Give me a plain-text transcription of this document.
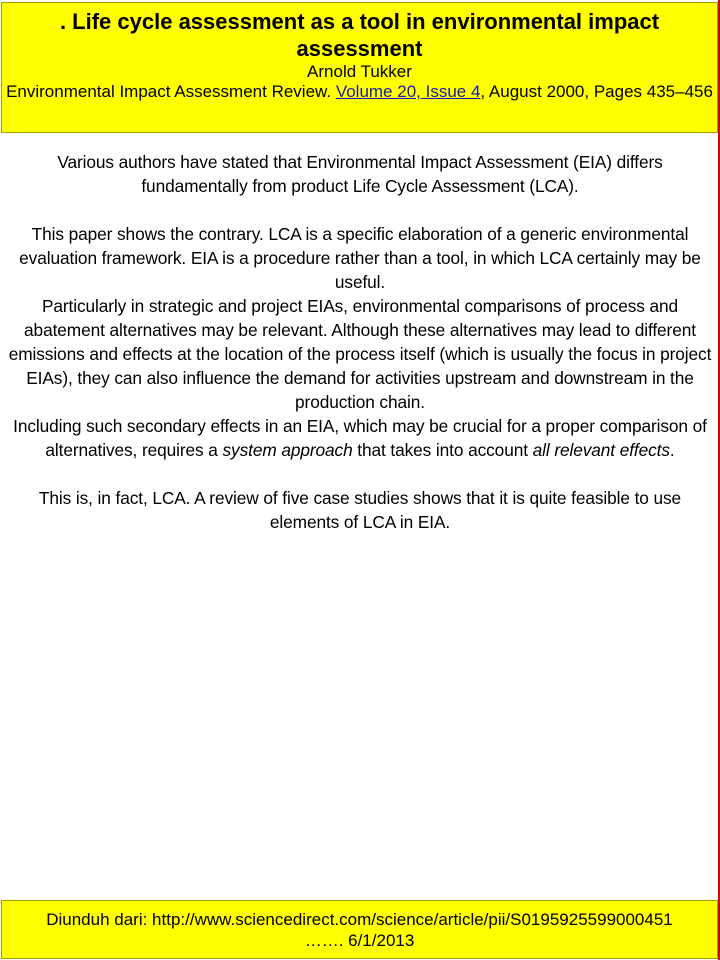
. Life cycle assessment as a tool in environmental impact assessment
Arnold Tukker
Environmental Impact Assessment Review. Volume 20, Issue 4, August 2000, Pages 435–456

Various authors have stated that Environmental Impact Assessment (EIA) differs fundamentally from product Life Cycle Assessment (LCA).

This paper shows the contrary. LCA is a specific elaboration of a generic environmental evaluation framework. EIA is a procedure rather than a tool, in which LCA certainly may be useful.

Particularly in strategic and project EIAs, environmental comparisons of process and abatement alternatives may be relevant. Although these alternatives may lead to different emissions and effects at the location of the process itself (which is usually the focus in project EIAs), they can also influence the demand for activities upstream and downstream in the production chain.

Including such secondary effects in an EIA, which may be crucial for a proper comparison of alternatives, requires a system approach that takes into account all relevant effects.

This is, in fact, LCA. A review of five case studies shows that it is quite feasible to use elements of LCA in EIA.

Diunduh dari: http://www.sciencedirect.com/science/article/pii/S0195925599000451
……. 6/1/2013
